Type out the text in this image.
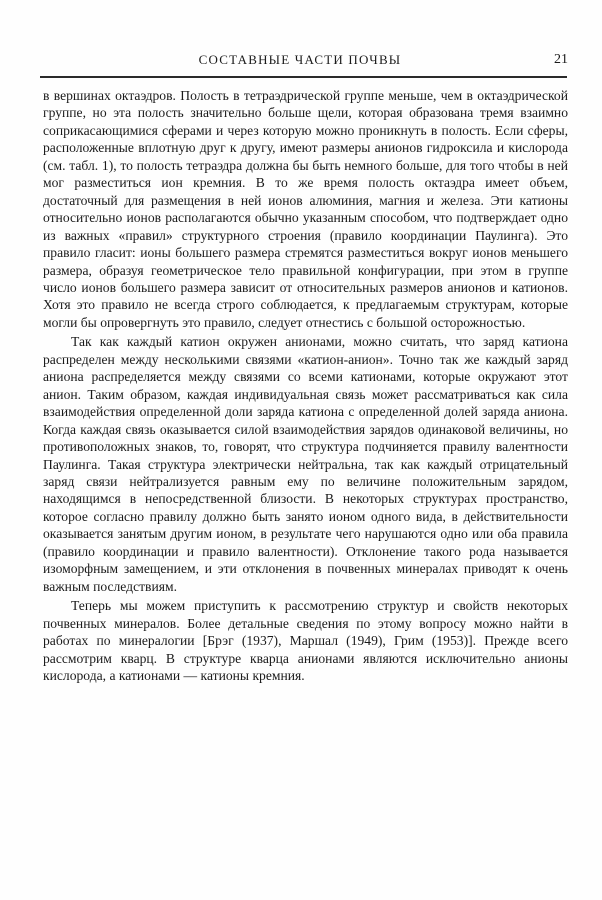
СОСТАВНЫЕ ЧАСТИ ПОЧВЫ	21

в вершинах октаэдров. Полость в тетраэдрической группе меньше, чем в октаэдрической группе, но эта полость значительно больше щели, которая образована тремя взаимно соприкасающимися сферами и через которую можно проникнуть в полость. Если сферы, расположенные вплотную друг к другу, имеют размеры анионов гидроксила и кислорода (см. табл. 1), то полость тетраэдра должна бы быть немного больше, для того чтобы в ней мог разместиться ион кремния. В то же время полость октаэдра имеет объем, достаточный для размещения в ней ионов алюминия, магния и железа. Эти катионы относительно ионов располагаются обычно указанным способом, что подтверждает одно из важных «правил» структурного строения (правило координации Паулинга). Это правило гласит: ионы большего размера стремятся разместиться вокруг ионов меньшего размера, образуя геометрическое тело правильной конфигурации, при этом в группе число ионов большего размера зависит от относительных размеров анионов и катионов. Хотя это правило не всегда строго соблюдается, к предлагаемым структурам, которые могли бы опровергнуть это правило, следует отнестись с большой осторожностью.

Так как каждый катион окружен анионами, можно считать, что заряд катиона распределен между несколькими связями «катион-анион». Точно так же каждый заряд аниона распределяется между связями со всеми катионами, которые окружают этот анион. Таким образом, каждая индивидуальная связь может рассматриваться как сила взаимодействия определенной доли заряда катиона с определенной долей заряда аниона. Когда каждая связь оказывается силой взаимодействия зарядов одинаковой величины, но противоположных знаков, то, говорят, что структура подчиняется правилу валентности Паулинга. Такая структура электрически нейтральна, так как каждый отрицательный заряд связи нейтрализуется равным ему по величине положительным зарядом, находящимся в непосредственной близости. В некоторых структурах пространство, которое согласно правилу должно быть занято ионом одного вида, в действительности оказывается занятым другим ионом, в результате чего нарушаются одно или оба правила (правило координации и правило валентности). Отклонение такого рода называется изоморфным замещением, и эти отклонения в почвенных минералах приводят к очень важным последствиям.

Теперь мы можем приступить к рассмотрению структур и свойств некоторых почвенных минералов. Более детальные сведения по этому вопросу можно найти в работах по минералогии [Брэг (1937), Маршал (1949), Грим (1953)]. Прежде всего рассмотрим кварц. В структуре кварца анионами являются исключительно анионы кислорода, а катионами — катионы кремния.
